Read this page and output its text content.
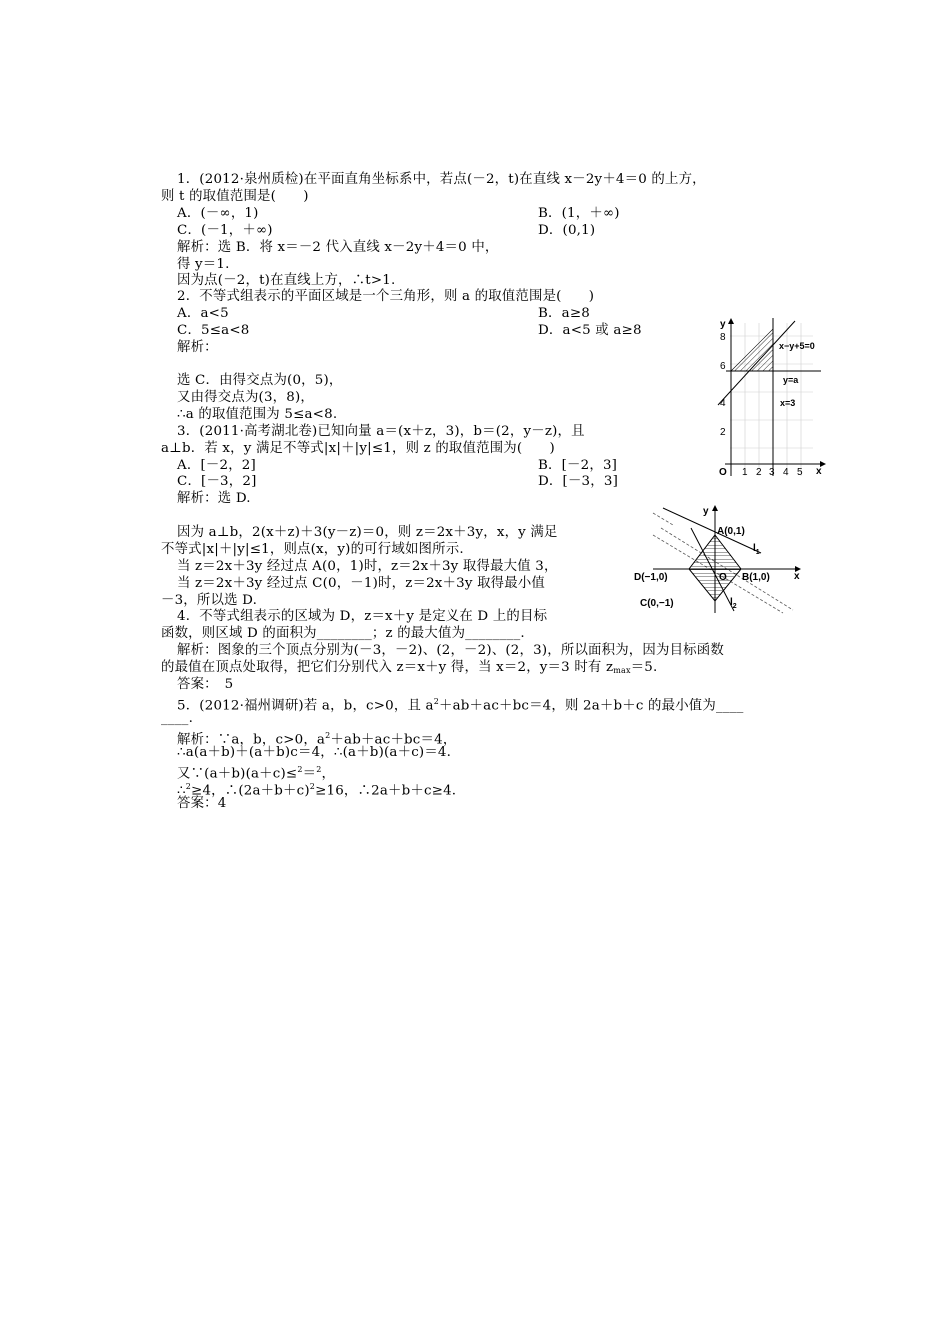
1．(2012·泉州质检)在平面直角坐标系中，若点(－2，t)在直线 x－2y＋4＝0 的上方，
则 t 的取值范围是(　　)
A．(－∞，1)	B．(1，＋∞)
C．(－1，＋∞)	D．(0,1)
解析：选 B．将 x＝－2 代入直线 x－2y＋4＝0 中，
得 y＝1.
因为点(－2，t)在直线上方，∴t>1.
2．不等式组表示的平面区域是一个三角形，则 a 的取值范围是(　　)
A．a<5	B．a≥8
C．5≤a<8	D．a<5 或 a≥8
解析：
选 C．由得交点为(0，5)，
又由得交点为(3，8)，
∴a 的取值范围为 5≤a<8.
3．(2011·高考湖北卷)已知向量 a＝(x＋z，3)，b＝(2，y－z)，且
a⊥b．若 x，y 满足不等式|x|＋|y|≤1，则 z 的取值范围为(　　)
A．[－2，2]	B．[－2，3]
C．[－3，2]	D．[－3，3]
解析：选 D.
因为 a⊥b，2(x＋z)＋3(y－z)＝0，则 z＝2x＋3y，x，y 满足
不等式|x|＋|y|≤1，则点(x，y)的可行域如图所示.
当 z＝2x＋3y 经过点 A(0，1)时，z＝2x＋3y 取得最大值 3，
当 z＝2x＋3y 经过点 C(0，－1)时，z＝2x＋3y 取得最小值
－3，所以选 D.
4．不等式组表示的区域为 D，z＝x＋y 是定义在 D 上的目标
函数，则区域 D 的面积为________；z 的最大值为________.
解析：图象的三个顶点分别为(－3，－2)、(2，－2)、(2，3)，所以面积为，因为目标函数
的最值在顶点处取得，把它们分别代入 z＝x＋y 得，当 x＝2，y＝3 时有 $z_{max}=5$.
答案：　5
5．(2012·福州调研)若 a，b，c>0，且 $a^2+ab+ac+bc=4$，则 2a＋b＋c 的最小值为____
____.
解析：∵a，b，c>0，$a^2+ab+ac+bc=4$，
∴a(a＋b)＋(a＋b)c＝4，∴(a＋b)(a＋c)＝4.
又∵(a＋b)(a＋c)≤$^2$＝$^2$，
∴$^2$≥4，$\therefore(2a+b+c)^2\ge 16$，∴2a＋b＋c≥4.
答案：4
y
x
O
8
6
4
2
1 2 3 4 5
x−y+5=0
y=a
x=3
y
x
O
A(0,1)
B(1,0)
C(0,−1)
D(−1,0)
$l_1$
$l_2$
